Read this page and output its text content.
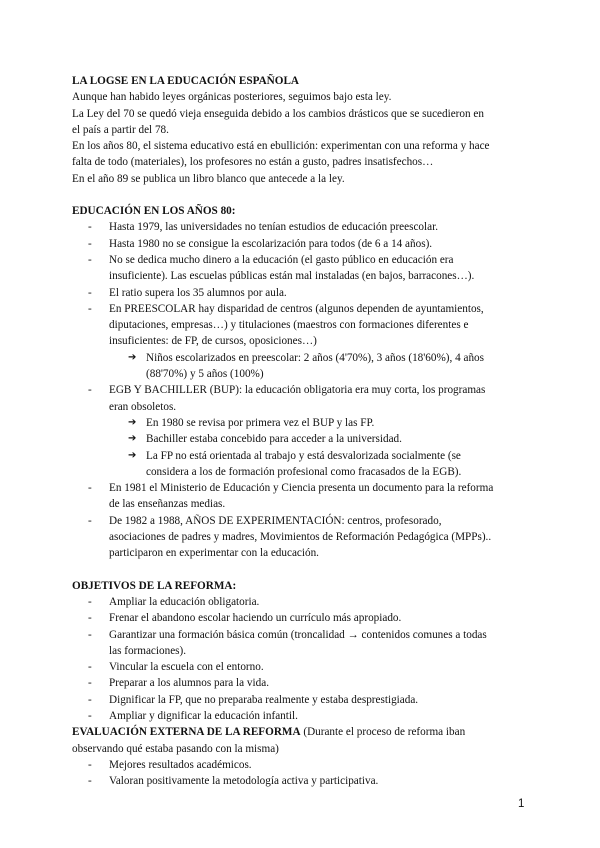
LA LOGSE EN LA EDUCACIÓN ESPAÑOLA
Aunque han habido leyes orgánicas posteriores, seguimos bajo esta ley.
La Ley del 70 se quedó vieja enseguida debido a los cambios drásticos que se sucedieron en
el país a partir del 78.
En los años 80, el sistema educativo está en ebullición: experimentan con una reforma y hace
falta de todo (materiales), los profesores no están a gusto, padres insatisfechos…
En el año 89 se publica un libro blanco que antecede a la ley.
EDUCACIÓN EN LOS AÑOS 80:
- Hasta 1979, las universidades no tenían estudios de educación preescolar.
- Hasta 1980 no se consigue la escolarización para todos (de 6 a 14 años).
- No se dedica mucho dinero a la educación (el gasto público en educación era
insuficiente). Las escuelas públicas están mal instaladas (en bajos, barracones…).
- El ratio supera los 35 alumnos por aula.
- En PREESCOLAR hay disparidad de centros (algunos dependen de ayuntamientos,
diputaciones, empresas…) y titulaciones (maestros con formaciones diferentes e
insuficientes: de FP, de cursos, oposiciones…)
➔ Niños escolarizados en preescolar: 2 años (4'70%), 3 años (18'60%), 4 años
(88'70%) y 5 años (100%)
- EGB Y BACHILLER (BUP): la educación obligatoria era muy corta, los programas
eran obsoletos.
➔ En 1980 se revisa por primera vez el BUP y las FP.
➔ Bachiller estaba concebido para acceder a la universidad.
➔ La FP no está orientada al trabajo y está desvalorizada socialmente (se
considera a los de formación profesional como fracasados de la EGB).
- En 1981 el Ministerio de Educación y Ciencia presenta un documento para la reforma
de las enseñanzas medias.
- De 1982 a 1988, AÑOS DE EXPERIMENTACIÓN: centros, profesorado,
asociaciones de padres y madres, Movimientos de Reformación Pedagógica (MPPs)..
participaron en experimentar con la educación.
OBJETIVOS DE LA REFORMA:
- Ampliar la educación obligatoria.
- Frenar el abandono escolar haciendo un currículo más apropiado.
- Garantizar una formación básica común (troncalidad → contenidos comunes a todas
las formaciones).
- Vincular la escuela con el entorno.
- Preparar a los alumnos para la vida.
- Dignificar la FP, que no preparaba realmente y estaba desprestigiada.
- Ampliar y dignificar la educación infantil.
EVALUACIÓN EXTERNA DE LA REFORMA (Durante el proceso de reforma iban
observando qué estaba pasando con la misma)
- Mejores resultados académicos.
- Valoran positivamente la metodología activa y participativa.
1
